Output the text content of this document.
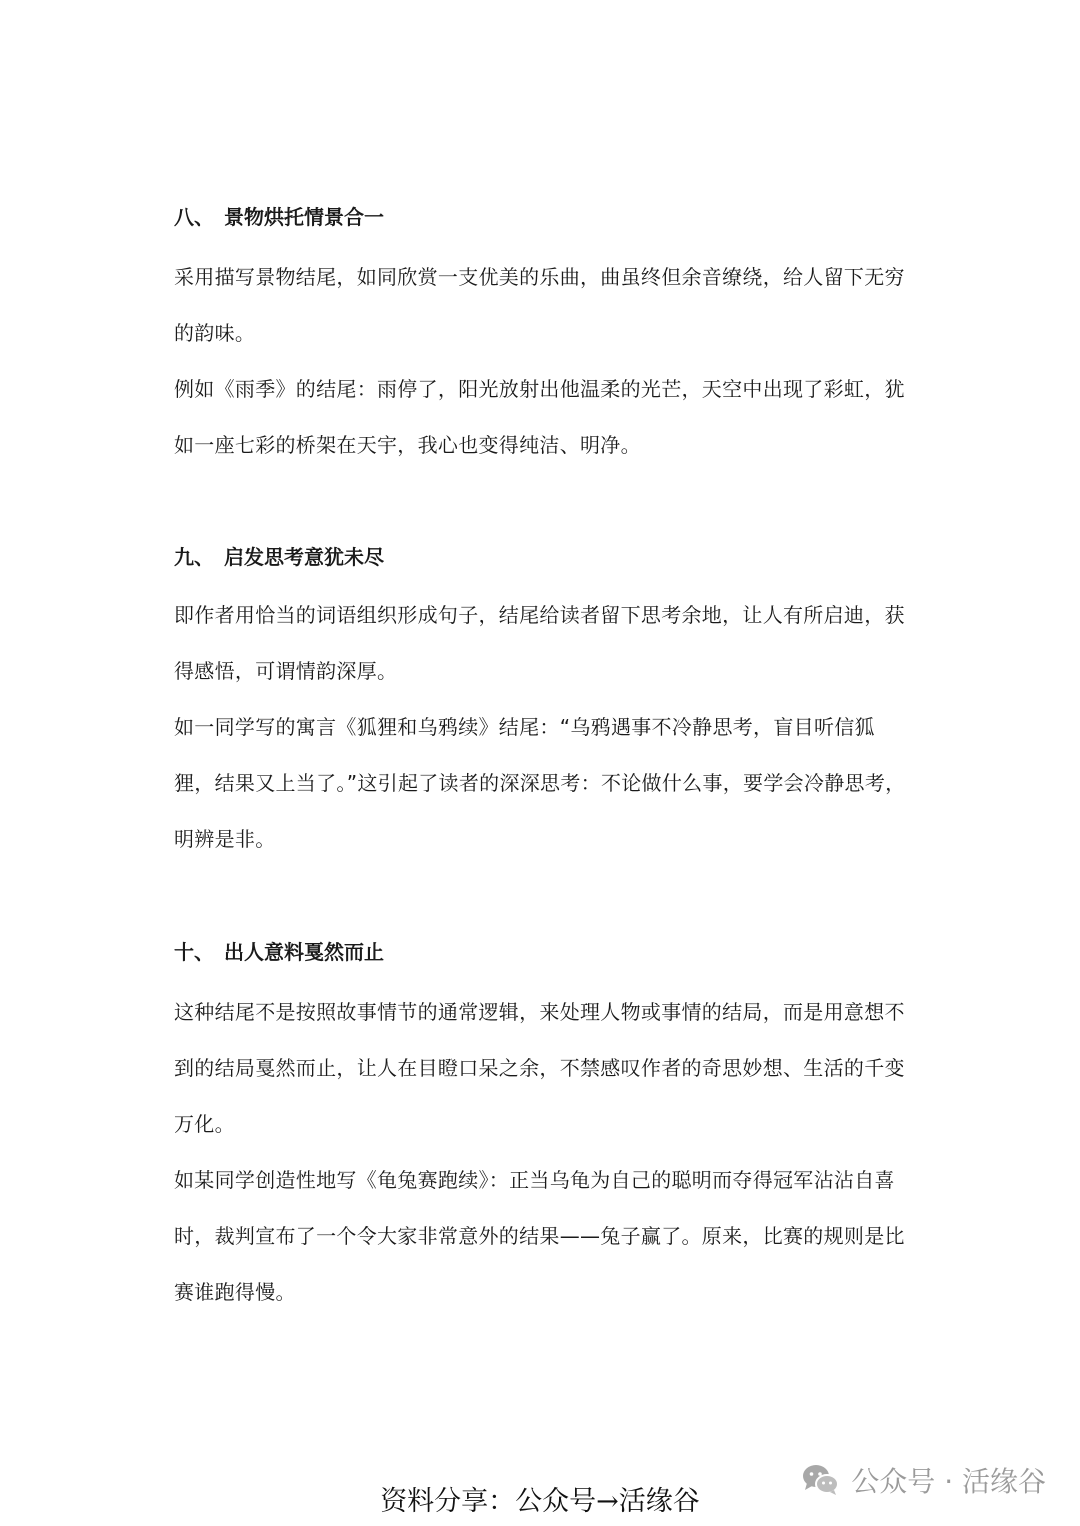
八、 景物烘托情景合一

采用描写景物结尾，如同欣赏一支优美的乐曲，曲虽终但余音缭绕，给人留下无穷的韵味。

例如《雨季》的结尾：雨停了，阳光放射出他温柔的光芒，天空中出现了彩虹，犹如一座七彩的桥架在天宇，我心也变得纯洁、明净。

九、 启发思考意犹未尽

即作者用恰当的词语组织形成句子，结尾给读者留下思考余地，让人有所启迪，获得感悟，可谓情韵深厚。

如一同学写的寓言《狐狸和乌鸦续》结尾：“乌鸦遇事不冷静思考，盲目听信狐狸，结果又上当了。”这引起了读者的深深思考：不论做什么事，要学会冷静思考，明辨是非。

十、 出人意料戛然而止

这种结尾不是按照故事情节的通常逻辑，来处理人物或事情的结局，而是用意想不到的结局戛然而止，让人在目瞪口呆之余，不禁感叹作者的奇思妙想、生活的千变万化。

如某同学创造性地写《龟兔赛跑续》：正当乌龟为自己的聪明而夺得冠军沾沾自喜时，裁判宣布了一个令大家非常意外的结果——兔子赢了。原来，比赛的规则是比赛谁跑得慢。

公众号 · 活缘谷
资料分享：公众号→活缘谷
